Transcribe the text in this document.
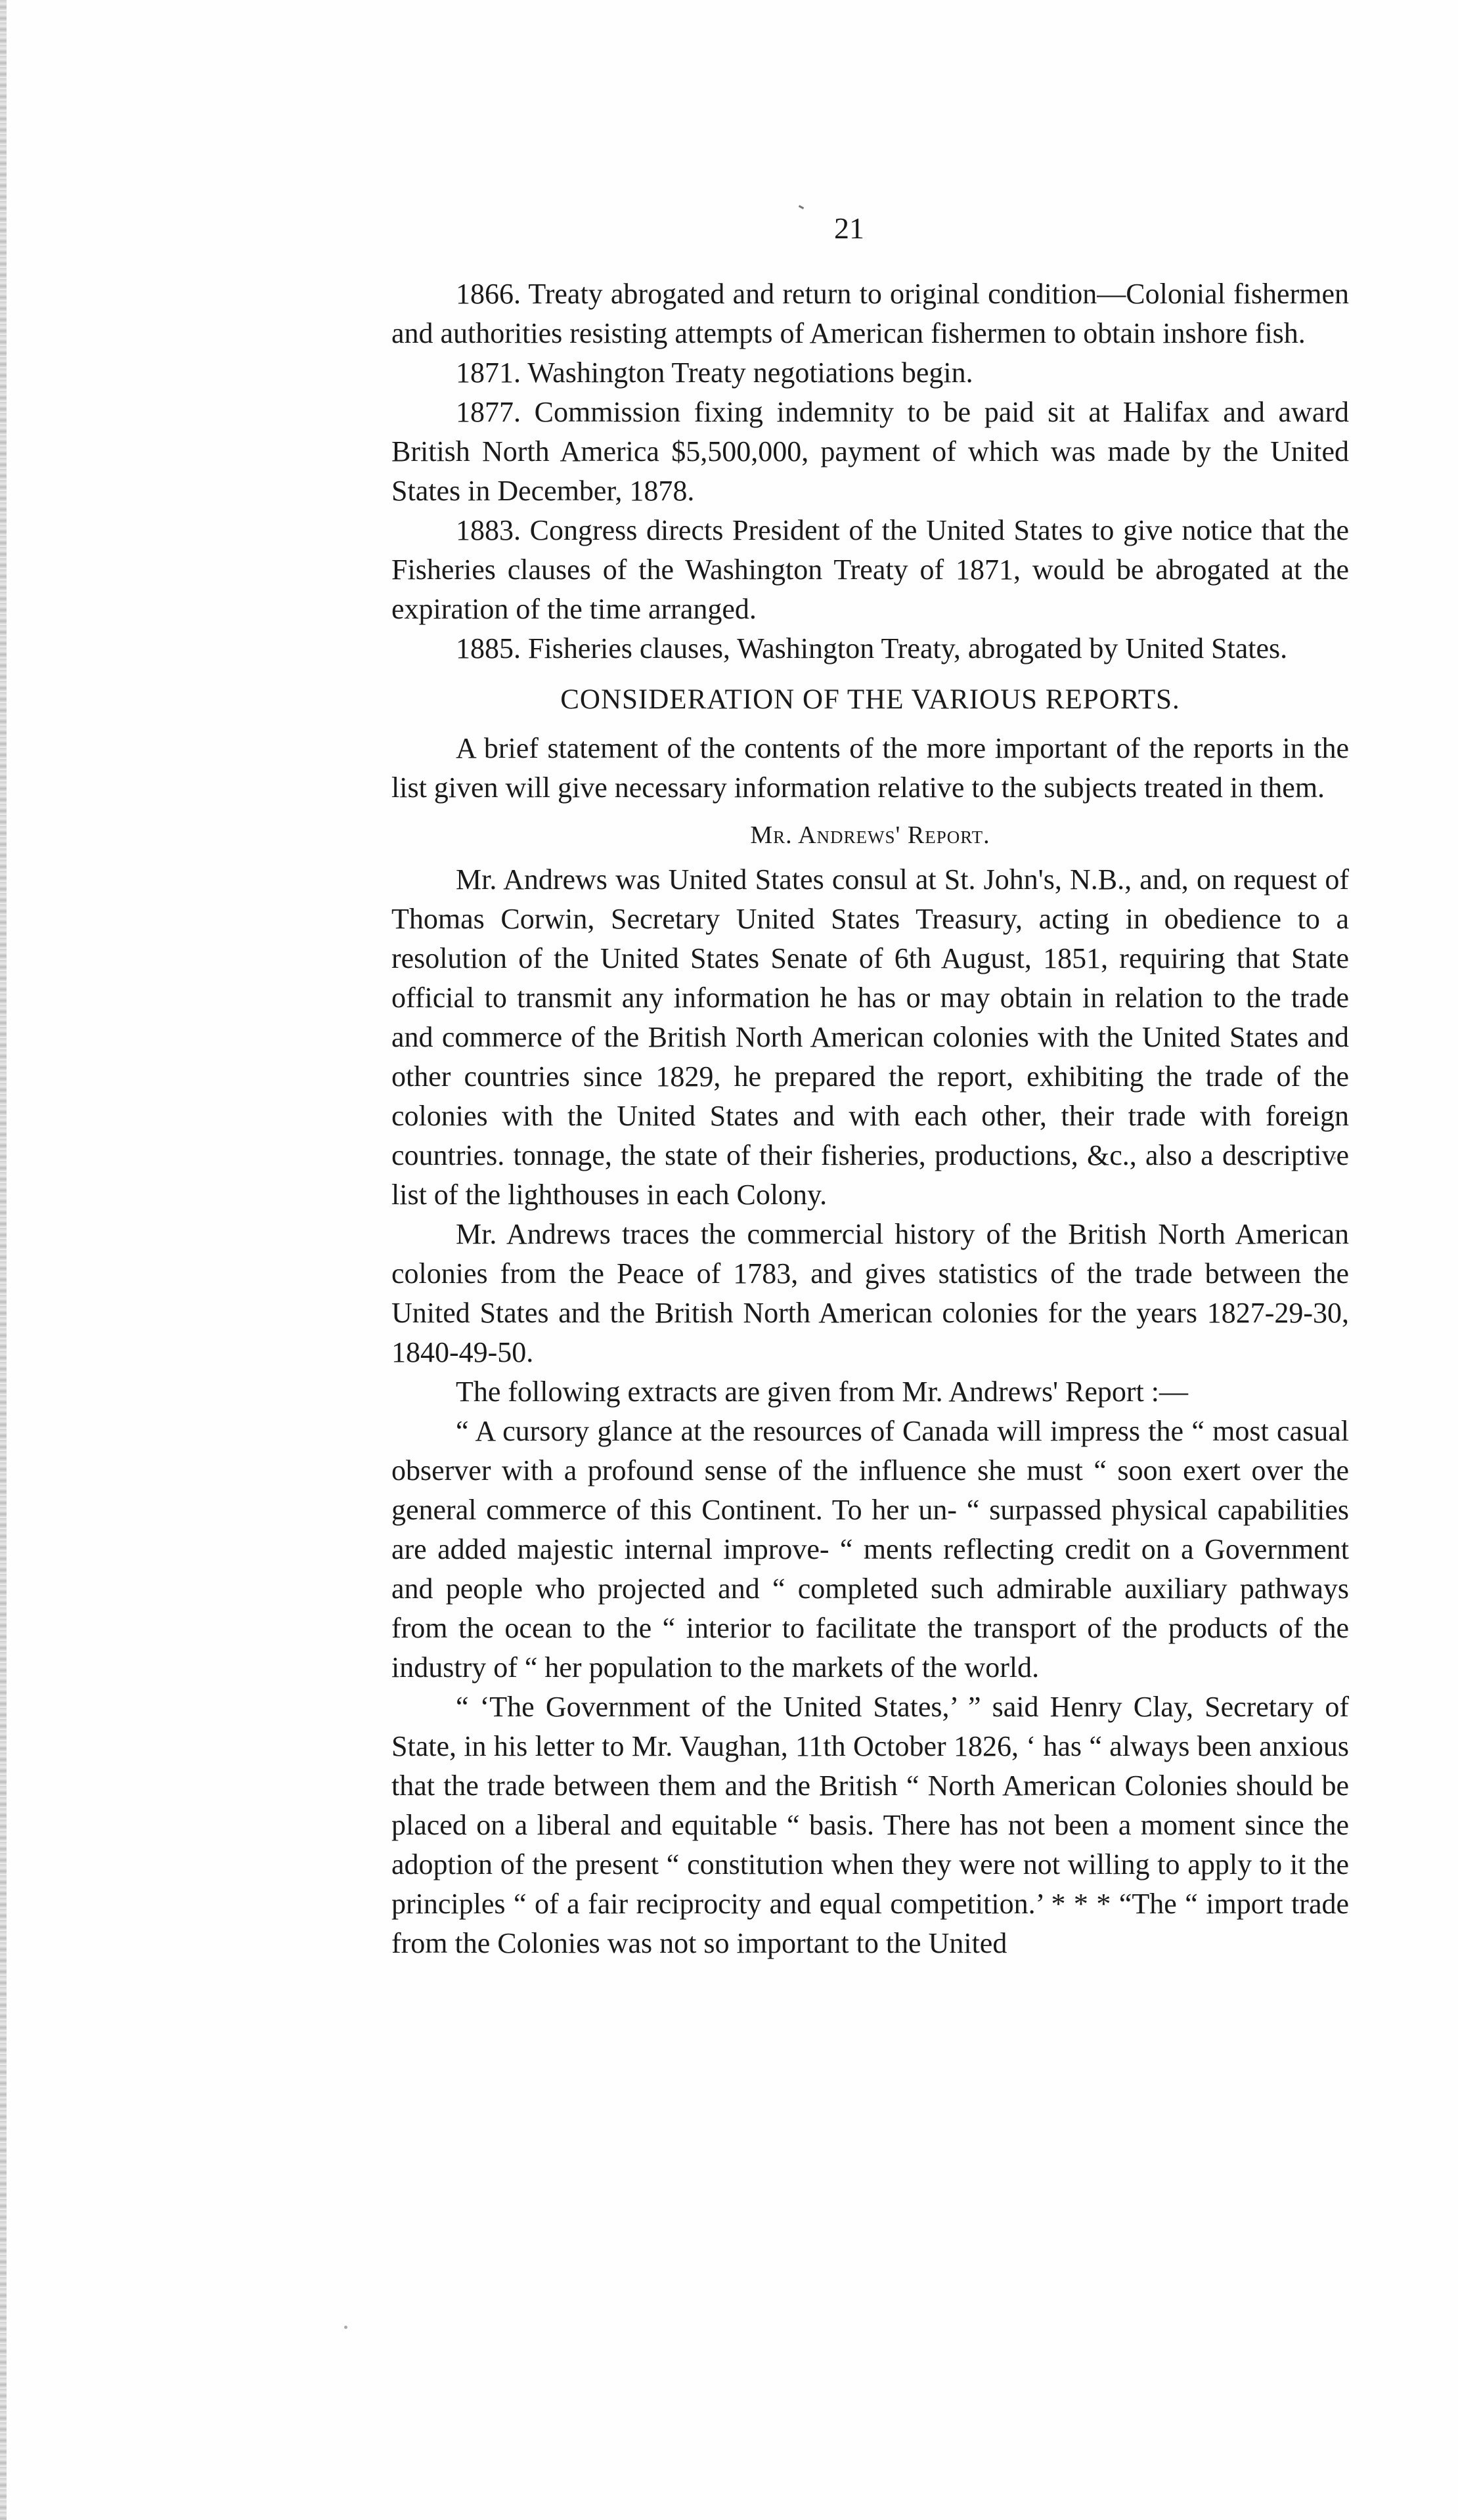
21

1866. Treaty abrogated and return to original condition—Colonial fishermen and authorities resisting attempts of American fishermen to obtain inshore fish.

1871. Washington Treaty negotiations begin.

1877. Commission fixing indemnity to be paid sit at Halifax and award British North America $5,500,000, payment of which was made by the United States in December, 1878.

1883. Congress directs President of the United States to give notice that the Fisheries clauses of the Washington Treaty of 1871, would be abrogated at the expiration of the time arranged.

1885. Fisheries clauses, Washington Treaty, abrogated by United States.

CONSIDERATION OF THE VARIOUS REPORTS.

A brief statement of the contents of the more important of the reports in the list given will give necessary information relative to the subjects treated in them.

Mr. Andrews' Report.

Mr. Andrews was United States consul at St. John's, N.B., and, on request of Thomas Corwin, Secretary United States Treasury, acting in obedience to a resolution of the United States Senate of 6th August, 1851, requiring that State official to transmit any information he has or may obtain in relation to the trade and commerce of the British North American colonies with the United States and other countries since 1829, he prepared the report, exhibiting the trade of the colonies with the United States and with each other, their trade with foreign countries. tonnage, the state of their fisheries, productions, &c., also a descriptive list of the lighthouses in each Colony.

Mr. Andrews traces the commercial history of the British North American colonies from the Peace of 1783, and gives statistics of the trade between the United States and the British North American colonies for the years 1827-29-30, 1840-49-50.

The following extracts are given from Mr. Andrews' Report :—

“ A cursory glance at the resources of Canada will impress the “ most casual observer with a profound sense of the influence she must “ soon exert over the general commerce of this Continent. To her un- “ surpassed physical capabilities are added majestic internal improve- “ ments reflecting credit on a Government and people who projected and “ completed such admirable auxiliary pathways from the ocean to the “ interior to facilitate the transport of the products of the industry of “ her population to the markets of the world.

“ ‘The Government of the United States,’ ” said Henry Clay, Secretary of State, in his letter to Mr. Vaughan, 11th October 1826, ‘ has “ always been anxious that the trade between them and the British “ North American Colonies should be placed on a liberal and equitable “ basis. There has not been a moment since the adoption of the present “ constitution when they were not willing to apply to it the principles “ of a fair reciprocity and equal competition.’ * * * “The “ import trade from the Colonies was not so important to the United
